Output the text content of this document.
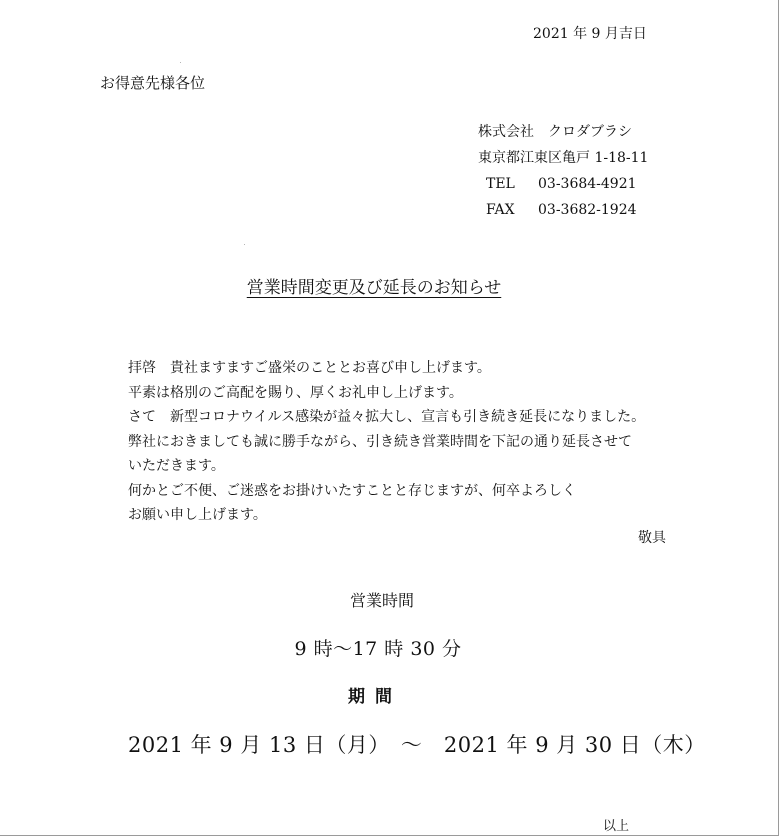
2021 年 9 月吉日
お得意先様各位
株式会社　クロダブラシ
東京都江東区亀戸 1-18-11
TEL 03-3684-4921
FAX 03-3682-1924
営業時間変更及び延長のお知らせ
拝啓　貴社ますますご盛栄のこととお喜び申し上げます。
平素は格別のご高配を賜り、厚くお礼申し上げます。
さて　新型コロナウイルス感染が益々拡大し、宣言も引き続き延長になりました。
弊社におきましても誠に勝手ながら、引き続き営業時間を下記の通り延長させて
いただきます。
何かとご不便、ご迷惑をお掛けいたすことと存じますが、何卒よろしく
お願い申し上げます。
敬具
営業時間
9 時～17 時 30 分
期間
2021 年 9 月 13 日（月）　～　2021 年 9 月 30 日（木）
以上
